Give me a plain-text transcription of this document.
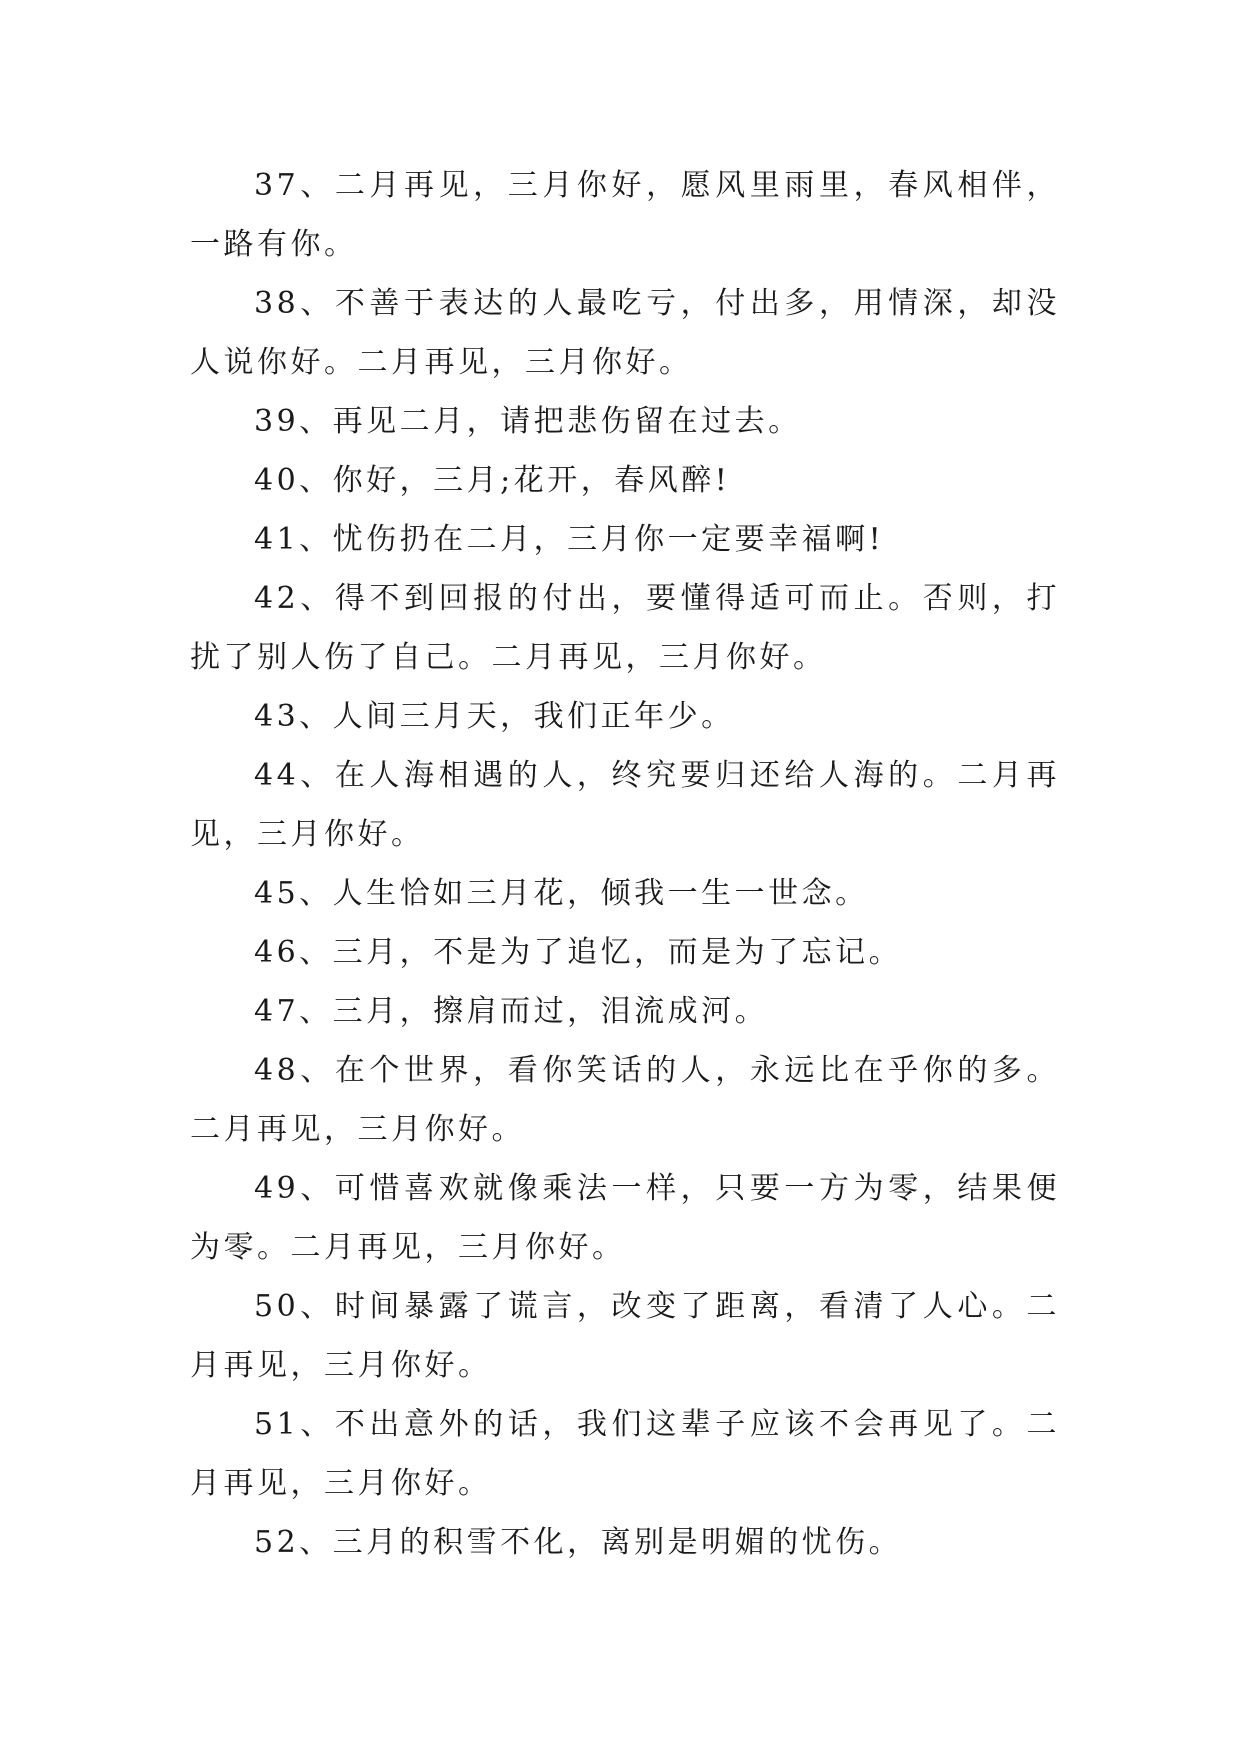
37、二月再见，三月你好，愿风里雨里，春风相伴，一路有你。

38、不善于表达的人最吃亏，付出多，用情深，却没人说你好。二月再见，三月你好。

39、再见二月，请把悲伤留在过去。

40、你好，三月;花开，春风醉!

41、忧伤扔在二月，三月你一定要幸福啊!

42、得不到回报的付出，要懂得适可而止。否则，打扰了别人伤了自己。二月再见，三月你好。

43、人间三月天，我们正年少。

44、在人海相遇的人，终究要归还给人海的。二月再见，三月你好。

45、人生恰如三月花，倾我一生一世念。

46、三月，不是为了追忆，而是为了忘记。

47、三月，擦肩而过，泪流成河。

48、在个世界，看你笑话的人，永远比在乎你的多。二月再见，三月你好。

49、可惜喜欢就像乘法一样，只要一方为零，结果便为零。二月再见，三月你好。

50、时间暴露了谎言，改变了距离，看清了人心。二月再见，三月你好。

51、不出意外的话，我们这辈子应该不会再见了。二月再见，三月你好。

52、三月的积雪不化，离别是明媚的忧伤。
